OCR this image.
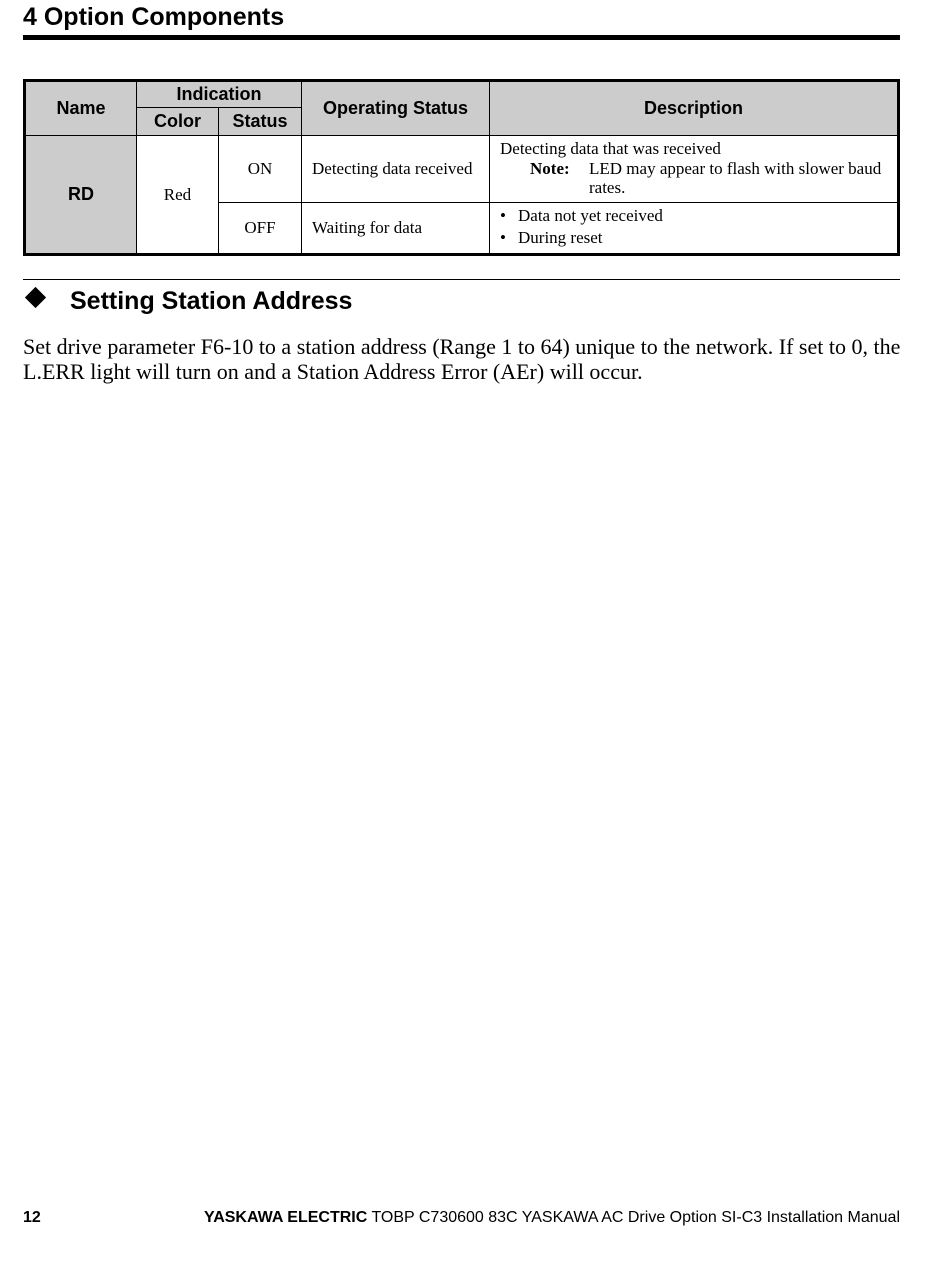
4 Option Components
Name	Indication		Operating Status	Description
	Color	Status		
RD	Red	ON	Detecting data received	Detecting data that was received
Note: LED may appear to flash with slower baud rates.

		OFF	Waiting for data	• Data not yet received
• During reset
Setting Station Address
Set drive parameter F6-10 to a station address (Range 1 to 64) unique to the network. If set to 0, the L.ERR light will turn on and a Station Address Error (AEr) will occur.
12	YASKAWA ELECTRIC TOBP C730600 83C YASKAWA AC Drive Option SI-C3 Installation Manual
